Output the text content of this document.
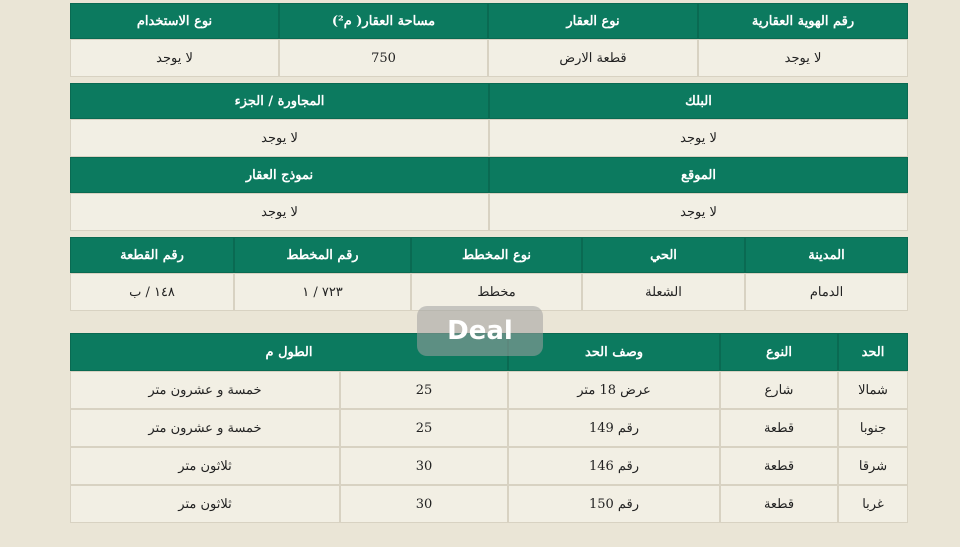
رقم الهوية العقارية
نوع العقار
مساحة العقار( م²)
نوع الاستخدام
لا يوجد
قطعة الارض
750
لا يوجد
البلك
المجاورة / الجزء
لا يوجد
لا يوجد
الموقع
نموذج العقار
لا يوجد
لا يوجد
المدينة
الحي
نوع المخطط
رقم المخطط
رقم القطعة
الدمام
الشعلة
مخطط
٧٢٣ / ١
١٤٨ / ب
الحد
النوع
وصف الحد
الطول م
شمالا
شارع
عرض 18 متر
25
خمسة و عشرون متر
جنوبا
قطعة
رقم 149
25
خمسة و عشرون متر
شرقا
قطعة
رقم 146
30
ثلاثون متر
غربا
قطعة
رقم 150
30
ثلاثون متر
Deal
